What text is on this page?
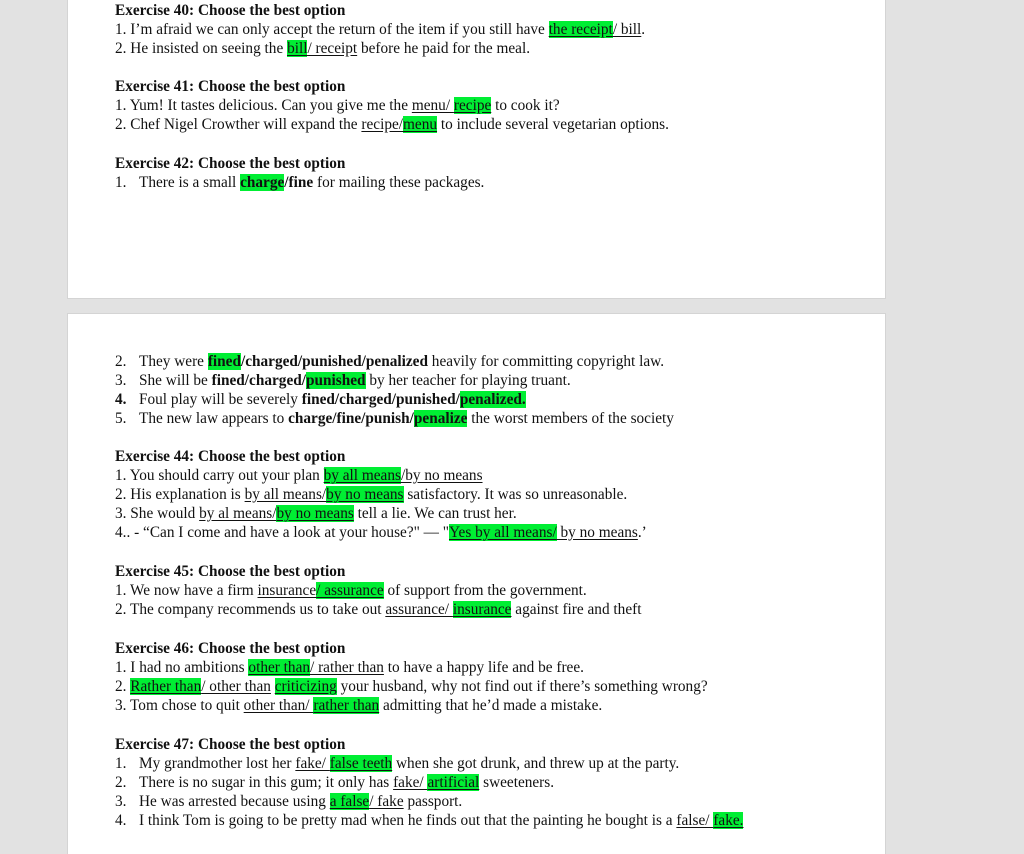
Exercise 40: Choose the best option
1. I’m afraid we can only accept the return of the item if you still have the receipt/ bill.
2. He insisted on seeing the bill/ receipt before he paid for the meal.
Exercise 41: Choose the best option
1. Yum! It tastes delicious. Can you give me the menu/ recipe to cook it?
2. Chef Nigel Crowther will expand the recipe/menu to include several vegetarian options.
Exercise 42: Choose the best option
1. There is a small charge/fine for mailing these packages.
2. They were fined/charged/punished/penalized heavily for committing copyright law.
3. She will be fined/charged/punished by her teacher for playing truant.
4. Foul play will be severely fined/charged/punished/penalized.
5. The new law appears to charge/fine/punish/penalize the worst members of the society
Exercise 44: Choose the best option
1. You should carry out your plan by all means/by no means
2. His explanation is by all means/by no means satisfactory. It was so unreasonable.
3. She would by al means/by no means tell a lie. We can trust her.
4.. - “Can I come and have a look at your house?" — "Yes by all means/ by no means.’
Exercise 45: Choose the best option
1. We now have a firm insurance/ assurance of support from the government.
2. The company recommends us to take out assurance/ insurance against fire and theft
Exercise 46: Choose the best option
1. I had no ambitions other than/ rather than to have a happy life and be free.
2. Rather than/ other than criticizing your husband, why not find out if there’s something wrong?
3. Tom chose to quit other than/ rather than admitting that he’d made a mistake.
Exercise 47: Choose the best option
1. My grandmother lost her fake/ false teeth when she got drunk, and threw up at the party.
2. There is no sugar in this gum; it only has fake/ artificial sweeteners.
3. He was arrested because using a false/ fake passport.
4. I think Tom is going to be pretty mad when he finds out that the painting he bought is a false/ fake.
